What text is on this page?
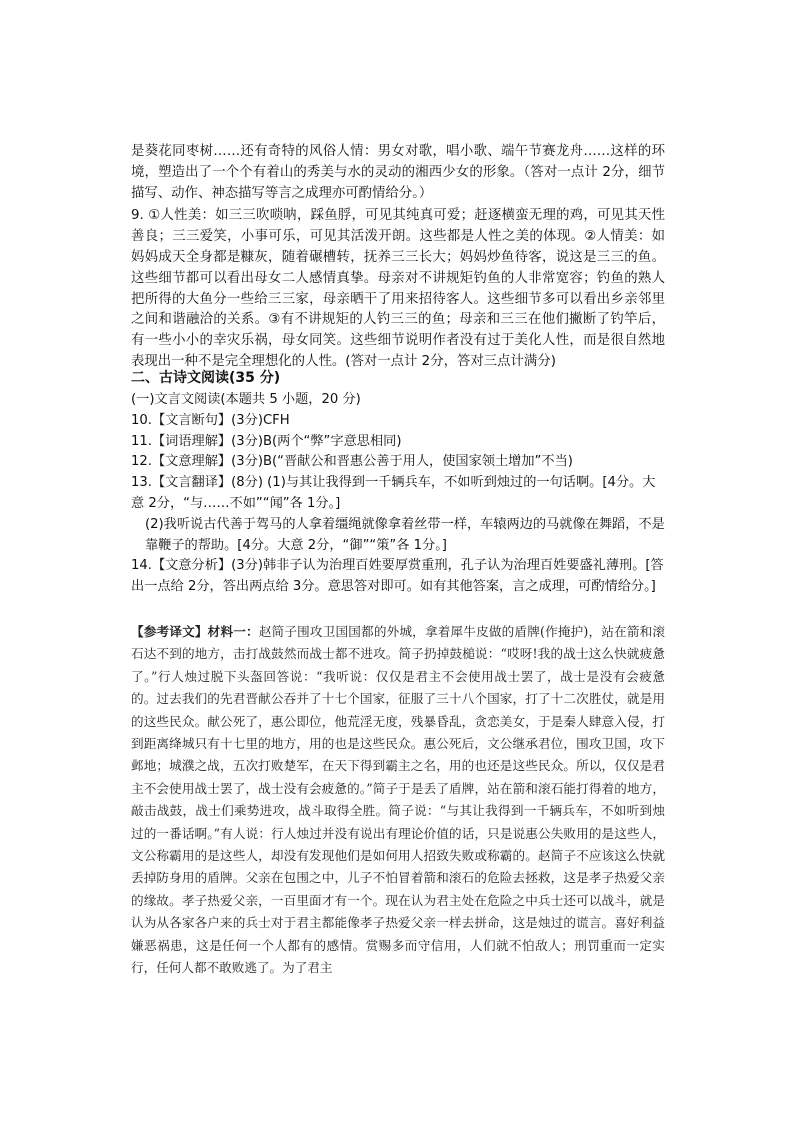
是葵花同枣树……还有奇特的风俗人情：男女对歌，唱小歌、端午节赛龙舟……这样的环境，塑造出了一个个有着山的秀美与水的灵动的湘西少女的形象。（答对一点计 2分，细节描写、动作、神态描写等言之成理亦可酌情给分。）

9. ①人性美：如三三吹唢呐，踩鱼脬，可见其纯真可爱；赶逐横蛮无理的鸡，可见其天性善良；三三爱笑，小事可乐，可见其活泼开朗。这些都是人性之美的体现。②人情美：如妈妈成天全身都是糠灰，随着碾槽转，抚养三三长大；妈妈炒鱼待客，说这是三三的鱼。这些细节都可以看出母女二人感情真挚。母亲对不讲规矩钓鱼的人非常宽容；钓鱼的熟人把所得的大鱼分一些给三三家，母亲晒干了用来招待客人。这些细节多可以看出乡亲邻里之间和谐融洽的关系。③有不讲规矩的人钓三三的鱼；母亲和三三在他们撇断了钓竿后，有一些小小的幸灾乐祸，母女同笑。这些细节说明作者没有过于美化人性，而是很自然地表现出一种不是完全理想化的人性。(答对一点计 2分，答对三点计满分)

二、古诗文阅读(35 分)

(一)文言文阅读(本题共 5 小题，20 分)

10.【文言断句】(3分)CFH

11.【词语理解】(3分)B(两个“弊”字意思相同)

12.【文意理解】(3分)B(“晋献公和晋惠公善于用人，使国家领土增加”不当)

13.【文言翻译】(8分) (1)与其让我得到一千辆兵车，不如听到烛过的一句话啊。[4分。大意 2分，“与……不如”“闻”各 1分。]

(2)我听说古代善于驾马的人拿着缰绳就像拿着丝带一样，车辕两边的马就像在舞蹈，不是靠鞭子的帮助。[4分。大意 2分，“御”“策”各 1分。]

14.【文意分析】(3分)韩非子认为治理百姓要厚赏重刑，孔子认为治理百姓要盛礼薄刑。[答出一点给 2分，答出两点给 3分。意思答对即可。如有其他答案，言之成理，可酌情给分。]

【参考译文】材料一：赵简子围攻卫国国都的外城，拿着犀牛皮做的盾牌(作掩护)，站在箭和滚石达不到的地方，击打战鼓然而战士都不进攻。简子扔掉鼓槌说：“哎呀!我的战士这么快就疲惫了。”行人烛过脱下头盔回答说：“我听说：仅仅是君主不会使用战士罢了，战士是没有会疲惫的。过去我们的先君晋献公吞并了十七个国家，征服了三十八个国家，打了十二次胜仗，就是用的这些民众。献公死了，惠公即位，他荒淫无度，残暴昏乱，贪恋美女，于是秦人肆意入侵，打到距离绛城只有十七里的地方，用的也是这些民众。惠公死后，文公继承君位，围攻卫国，攻下邺地；城濮之战，五次打败楚军，在天下得到霸主之名，用的也还是这些民众。所以，仅仅是君主不会使用战士罢了，战士没有会疲惫的。”简子于是丢了盾牌，站在箭和滚石能打得着的地方，敲击战鼓，战士们乘势进攻，战斗取得全胜。简子说：“与其让我得到一千辆兵车，不如听到烛过的一番话啊。”有人说：行人烛过并没有说出有理论价值的话，只是说惠公失败用的是这些人，文公称霸用的是这些人，却没有发现他们是如何用人招致失败或称霸的。赵简子不应该这么快就丢掉防身用的盾牌。父亲在包围之中，儿子不怕冒着箭和滚石的危险去拯救，这是孝子热爱父亲的缘故。孝子热爱父亲，一百里面才有一个。现在认为君主处在危险之中兵士还可以战斗，就是认为从各家各户来的兵士对于君主都能像孝子热爱父亲一样去拼命，这是烛过的谎言。喜好利益嫌恶祸患，这是任何一个人都有的感情。赏赐多而守信用，人们就不怕敌人；刑罚重而一定实行，任何人都不敢败逃了。为了君主
